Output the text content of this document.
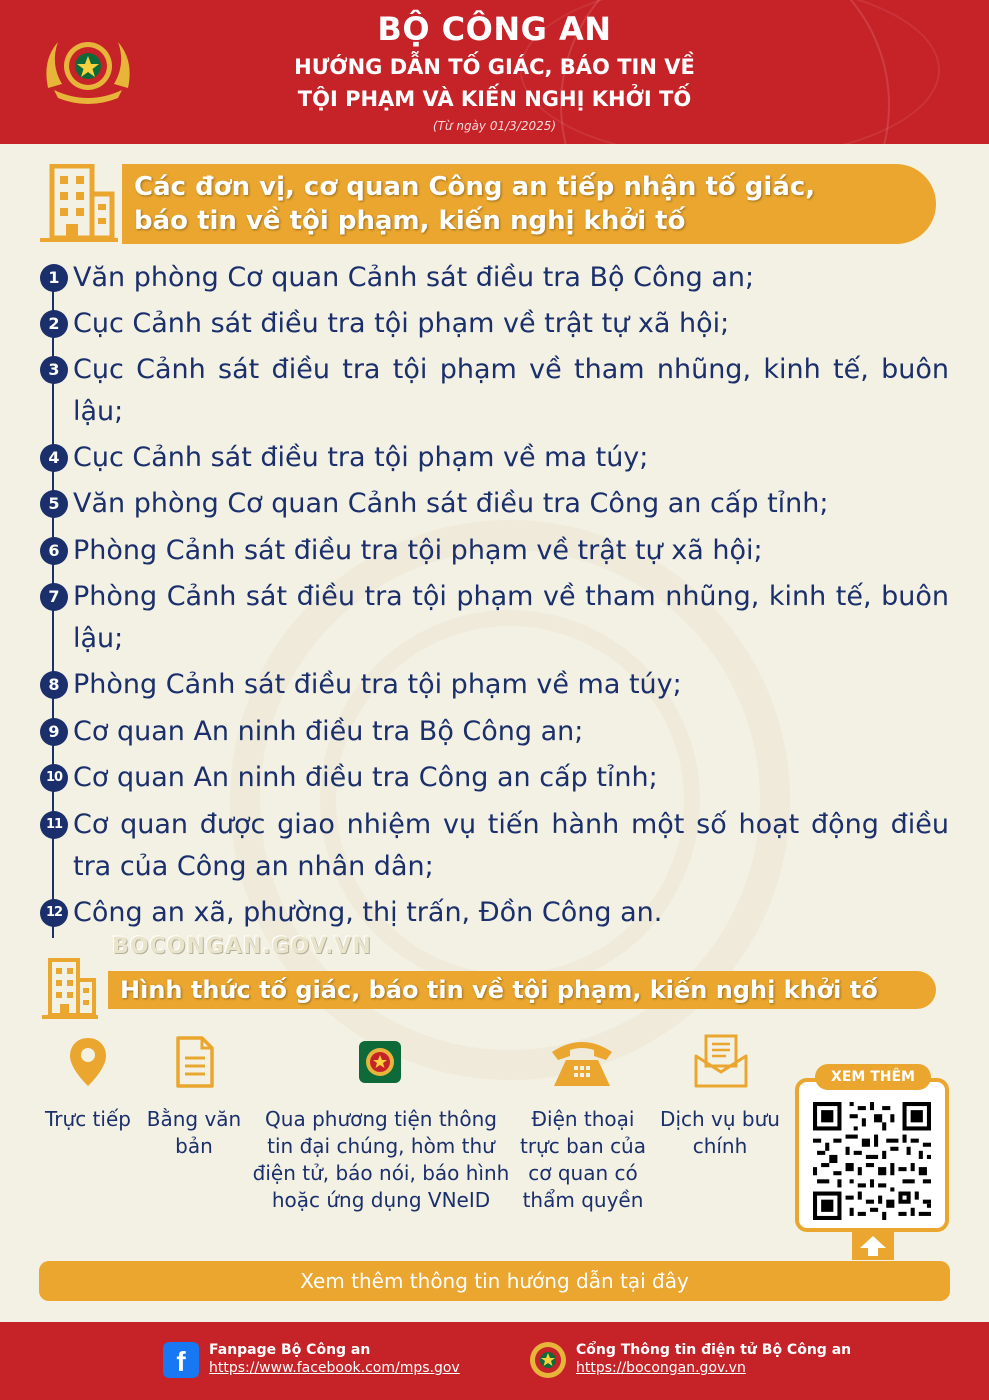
BỘ CÔNG AN
HƯỚNG DẪN TỐ GIÁC, BÁO TIN VỀ
TỘI PHẠM VÀ KIẾN NGHỊ KHỞI TỐ
(Từ ngày 01/3/2025)
Các đơn vị, cơ quan Công an tiếp nhận tố giác,
báo tin về tội phạm, kiến nghị khởi tố
1 Văn phòng Cơ quan Cảnh sát điều tra Bộ Công an;
2 Cục Cảnh sát điều tra tội phạm về trật tự xã hội;
3 Cục Cảnh sát điều tra tội phạm về tham nhũng, kinh tế, buôn lậu;
4 Cục Cảnh sát điều tra tội phạm về ma túy;
5 Văn phòng Cơ quan Cảnh sát điều tra Công an cấp tỉnh;
6 Phòng Cảnh sát điều tra tội phạm về trật tự xã hội;
7 Phòng Cảnh sát điều tra tội phạm về tham nhũng, kinh tế, buôn lậu;
8 Phòng Cảnh sát điều tra tội phạm về ma túy;
9 Cơ quan An ninh điều tra Bộ Công an;
10 Cơ quan An ninh điều tra Công an cấp tỉnh;
11 Cơ quan được giao nhiệm vụ tiến hành một số hoạt động điều tra của Công an nhân dân;
12 Công an xã, phường, thị trấn, Đồn Công an.
BOCONGAN.GOV.VN
Hình thức tố giác, báo tin về tội phạm, kiến nghị khởi tố
Trực tiếp Bằng văn bản
Qua phương tiện thông tin đại chúng, hòm thư điện tử, báo nói, báo hình hoặc ứng dụng VNeID
Điện thoại trực ban của cơ quan có thẩm quyền
Dịch vụ bưu chính
XEM THÊM
Xem thêm thông tin hướng dẫn tại đây
f	Fanpage Bộ Công an
https://www.facebook.com/mps.gov
Cổng Thông tin điện tử Bộ Công an
https://bocongan.gov.vn
